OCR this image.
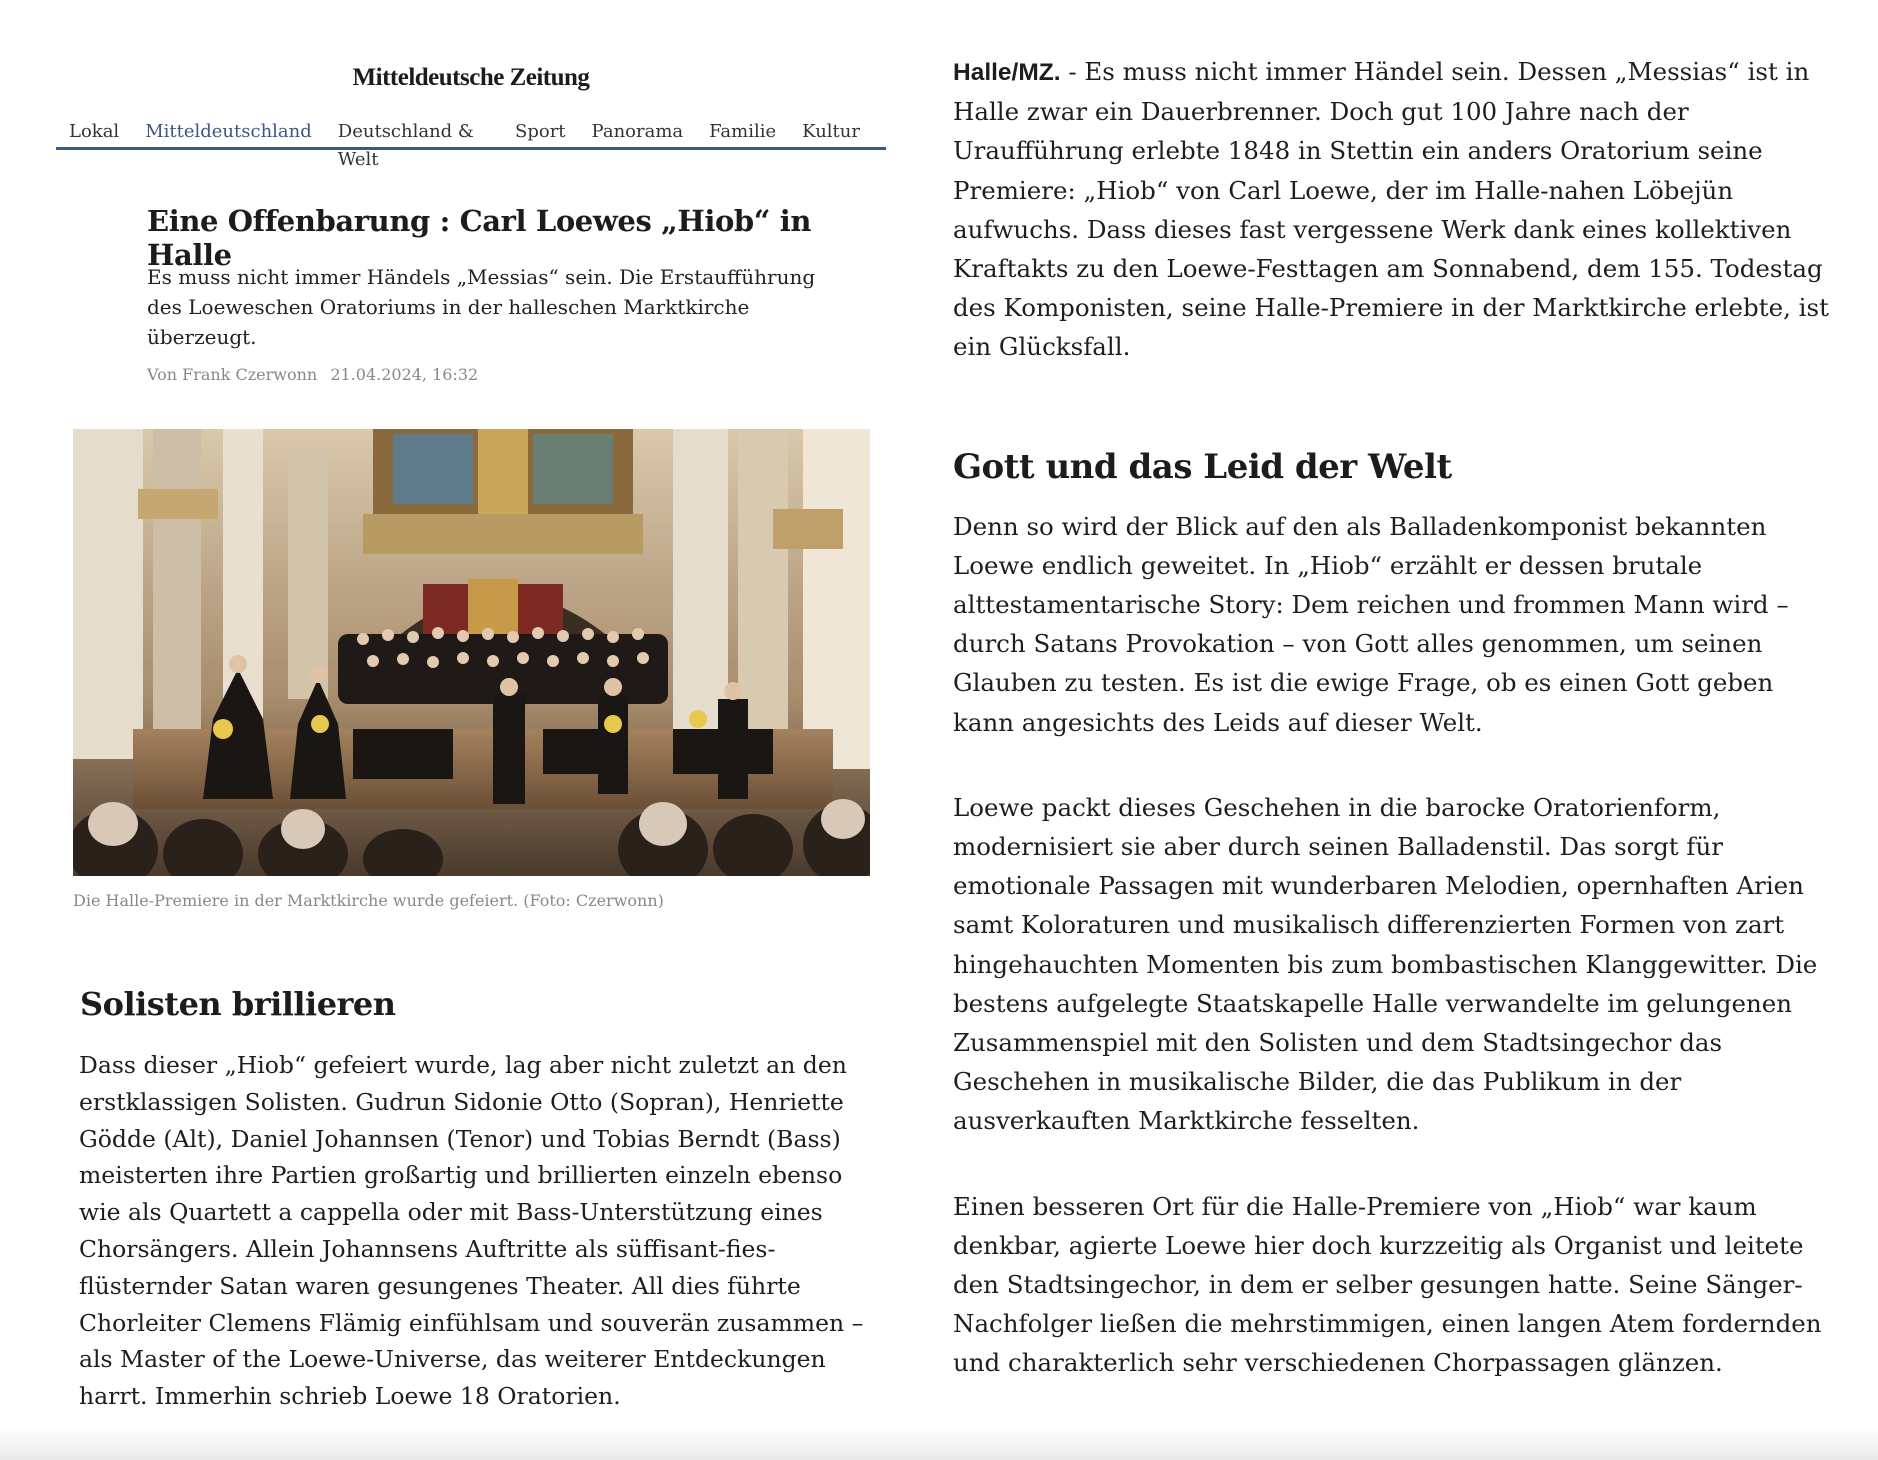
Mitteldeutsche Zeitung
Lokal Mitteldeutschland Deutschland & Welt
Sport Panorama Familie Kultur
Eine Offenbarung : Carl Loewes „Hiob“ in Halle

Es muss nicht immer Händels „Messias“ sein. Die Erstaufführung des Loeweschen Oratoriums in der halleschen Marktkirche überzeugt.

Von Frank Czerwonn 21.04.2024, 16:32
Die Halle-Premiere in der Marktkirche wurde gefeiert. (Foto: Czerwonn)
Solisten brillieren

Dass dieser „Hiob“ gefeiert wurde, lag aber nicht zuletzt an den erstklassigen Solisten. Gudrun Sidonie Otto (Sopran), Henriette Gödde (Alt), Daniel Johannsen (Tenor) und Tobias Berndt (Bass) meisterten ihre Partien großartig und brillierten einzeln ebenso wie als Quartett a cappella oder mit Bass-Unterstützung eines Chorsängers. Allein Johannsens Auftritte als süffisant-fies-flüsternder Satan waren gesungenes Theater. All dies führte Chorleiter Clemens Flämig einfühlsam und souverän zusammen – als Master of the Loewe-Universe, das weiterer Entdeckungen harrt. Immerhin schrieb Loewe 18 Oratorien.

Halle/MZ. - Es muss nicht immer Händel sein. Dessen „Messias“ ist in Halle zwar ein Dauerbrenner. Doch gut 100 Jahre nach der Uraufführung erlebte 1848 in Stettin ein anders Oratorium seine Premiere: „Hiob“ von Carl Loewe, der im Halle-nahen Löbejün aufwuchs. Dass dieses fast vergessene Werk dank eines kollektiven Kraftakts zu den Loewe-Festtagen am Sonnabend, dem 155. Todestag des Komponisten, seine Halle-Premiere in der Marktkirche erlebte, ist ein Glücksfall.

Gott und das Leid der Welt

Denn so wird der Blick auf den als Balladenkomponist bekannten Loewe endlich geweitet. In „Hiob“ erzählt er dessen brutale alttestamentarische Story: Dem reichen und frommen Mann wird – durch Satans Provokation – von Gott alles genommen, um seinen Glauben zu testen. Es ist die ewige Frage, ob es einen Gott geben kann angesichts des Leids auf dieser Welt.

Loewe packt dieses Geschehen in die barocke Oratorienform, modernisiert sie aber durch seinen Balladenstil. Das sorgt für emotionale Passagen mit wunderbaren Melodien, opernhaften Arien samt Koloraturen und musikalisch differenzierten Formen von zart hingehauchten Momenten bis zum bombastischen Klanggewitter. Die bestens aufgelegte Staatskapelle Halle verwandelte im gelungenen Zusammenspiel mit den Solisten und dem Stadtsingechor das Geschehen in musikalische Bilder, die das Publikum in der ausverkauften Marktkirche fesselten.

Einen besseren Ort für die Halle-Premiere von „Hiob“ war kaum denkbar, agierte Loewe hier doch kurzzeitig als Organist und leitete den Stadtsingechor, in dem er selber gesungen hatte. Seine Sänger-Nachfolger ließen die mehrstimmigen, einen langen Atem fordernden und charakterlich sehr verschiedenen Chorpassagen glänzen.
